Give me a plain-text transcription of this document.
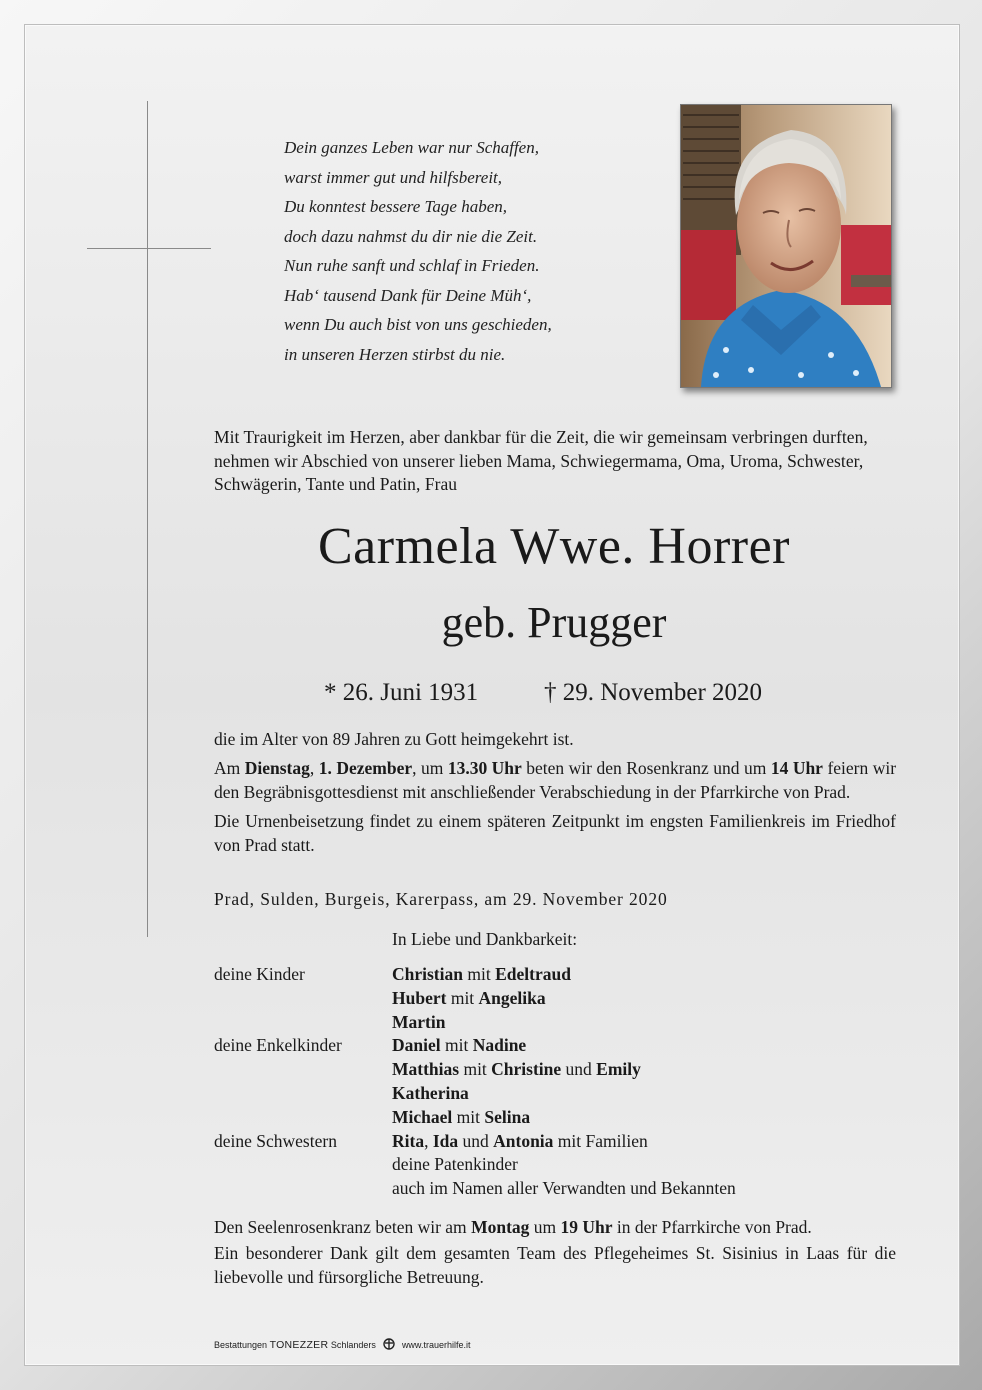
Dein ganzes Leben war nur Schaffen,
warst immer gut und hilfsbereit,
Du konntest bessere Tage haben,
doch dazu nahmst du dir nie die Zeit.
Nun ruhe sanft und schlaf in Frieden.
Hab‘ tausend Dank für Deine Müh‘,
wenn Du auch bist von uns geschieden,
in unseren Herzen stirbst du nie.
Mit Traurigkeit im Herzen, aber dankbar für die Zeit, die wir gemeinsam verbringen durften, nehmen wir Abschied von unserer lieben Mama, Schwiegermama, Oma, Uroma, Schwester, Schwägerin, Tante und Patin, Frau
Carmela Wwe. Horrer
geb. Prugger
* 26. Juni 1931	† 29. November 2020

die im Alter von 89 Jahren zu Gott heimgekehrt ist.

Am Dienstag, 1. Dezember, um 13.30 Uhr beten wir den Rosenkranz und um 14 Uhr feiern wir den Begräbnisgottesdienst mit anschließender Verabschiedung in der Pfarrkirche von Prad.

Die Urnenbeisetzung findet zu einem späteren Zeitpunkt im engsten Familienkreis im Friedhof von Prad statt.

Prad, Sulden, Burgeis, Karerpass, am 29. November 2020
In Liebe und Dankbarkeit:
deine Kinder	Christian mit Edeltraud
Hubert mit Angelika
Martin
deine Enkelkinder	Daniel mit Nadine
Matthias mit Christine und Emily
Katherina
Michael mit Selina
deine Schwestern	Rita, Ida und Antonia mit Familien
deine Patenkinder
auch im Namen aller Verwandten und Bekannten

Den Seelenrosenkranz beten wir am Montag um 19 Uhr in der Pfarrkirche von Prad.

Ein besonderer Dank gilt dem gesamten Team des Pflegeheimes St. Sisinius in Laas für die liebevolle und fürsorgliche Betreuung.

Bestattungen TONEZZER Schlanders	www.trauerhilfe.it
